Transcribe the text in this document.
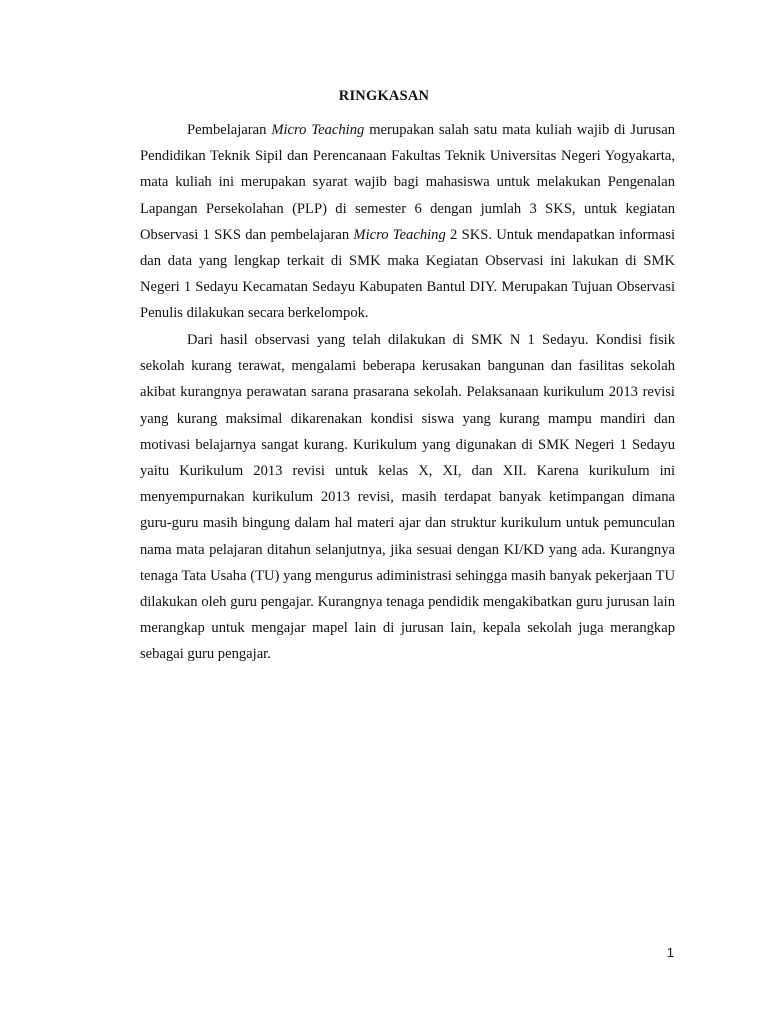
RINGKASAN

Pembelajaran Micro Teaching merupakan salah satu mata kuliah wajib di Jurusan Pendidikan Teknik Sipil dan Perencanaan Fakultas Teknik Universitas Negeri Yogyakarta, mata kuliah ini merupakan syarat wajib bagi mahasiswa untuk melakukan Pengenalan Lapangan Persekolahan (PLP) di semester 6 dengan jumlah 3 SKS, untuk kegiatan Observasi 1 SKS dan pembelajaran Micro Teaching 2 SKS. Untuk mendapatkan informasi dan data yang lengkap terkait di SMK maka Kegiatan Observasi ini lakukan di SMK Negeri 1 Sedayu Kecamatan Sedayu Kabupaten Bantul DIY. Merupakan Tujuan Observasi Penulis dilakukan secara berkelompok.

Dari hasil observasi yang telah dilakukan di SMK N 1 Sedayu. Kondisi fisik sekolah kurang terawat, mengalami beberapa kerusakan bangunan dan fasilitas sekolah akibat kurangnya perawatan sarana prasarana sekolah. Pelaksanaan kurikulum 2013 revisi yang kurang maksimal dikarenakan kondisi siswa yang kurang mampu mandiri dan motivasi belajarnya sangat kurang. Kurikulum yang digunakan di SMK Negeri 1 Sedayu yaitu Kurikulum 2013 revisi untuk kelas X, XI, dan XII. Karena kurikulum ini menyempurnakan kurikulum 2013 revisi, masih terdapat banyak ketimpangan dimana guru-guru masih bingung dalam hal materi ajar dan struktur kurikulum untuk pemunculan nama mata pelajaran ditahun selanjutnya, jika sesuai dengan KI/KD yang ada. Kurangnya tenaga Tata Usaha (TU) yang mengurus adiministrasi sehingga masih banyak pekerjaan TU dilakukan oleh guru pengajar. Kurangnya tenaga pendidik mengakibatkan guru jurusan lain merangkap untuk mengajar mapel lain di jurusan lain, kepala sekolah juga merangkap sebagai guru pengajar.

1
